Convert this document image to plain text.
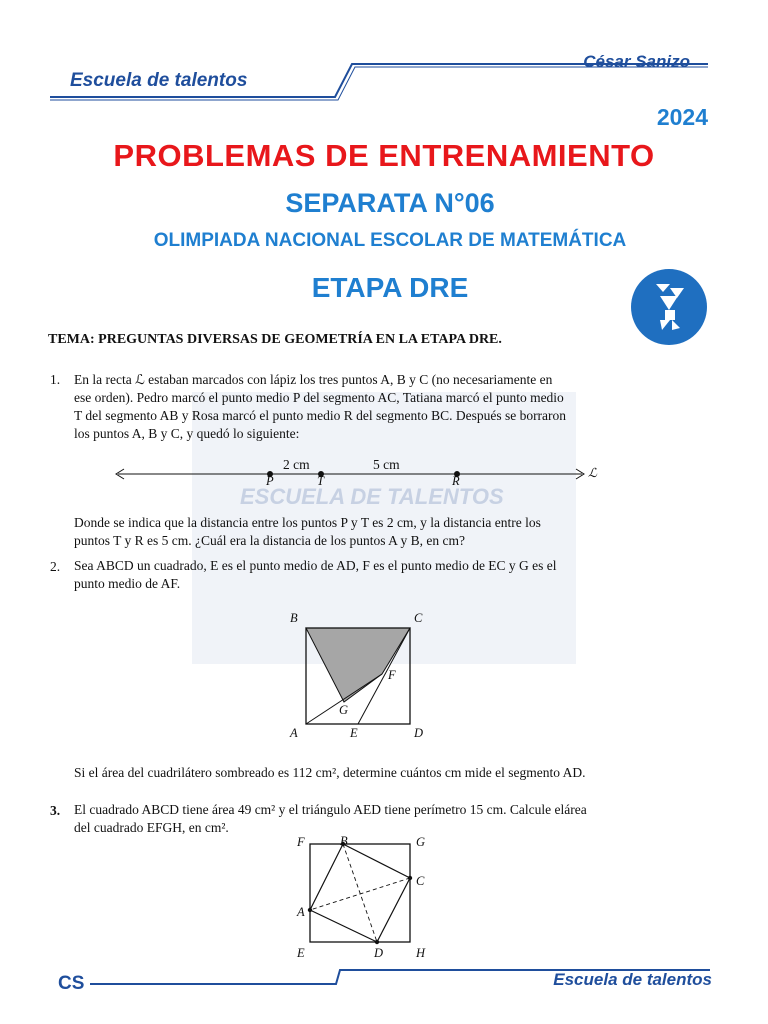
Escuela de talentos
César Sanizo
2024
PROBLEMAS DE ENTRENAMIENTO
SEPARATA N°06
OLIMPIADA NACIONAL ESCOLAR DE MATEMÁTICA
ETAPA DRE
ESCUELA DE TALENTOS
TEMA: PREGUNTAS DIVERSAS DE GEOMETRÍA EN LA ETAPA DRE.
1. En la recta ℒ estaban marcados con lápiz los tres puntos A, B y C (no necesariamente en
ese orden). Pedro marcó el punto medio P del segmento AC, Tatiana marcó el punto medio
T del segmento AB y Rosa marcó el punto medio R del segmento BC. Después se borraron
los puntos A, B y C, y quedó lo siguiente:
2 cm	5 cm
P	T	R
ℒ
Donde se indica que la distancia entre los puntos P y T es 2 cm, y la distancia entre los
puntos T y R es 5 cm. ¿Cuál era la distancia de los puntos A y B, en cm?
2. Sea ABCD un cuadrado, E es el punto medio de AD, F es el punto medio de EC y G es el
punto medio de AF.
B	C
F
G
A	E	D
Si el área del cuadrilátero sombreado es 112 cm², determine cuántos cm mide el segmento AD.
3. El cuadrado ABCD tiene área 49 cm² y el triángulo AED tiene perímetro 15 cm. Calcule elárea
del cuadrado EFGH, en cm².
F	B	G
C
A
E	D	H
CS	Escuela de talentos
